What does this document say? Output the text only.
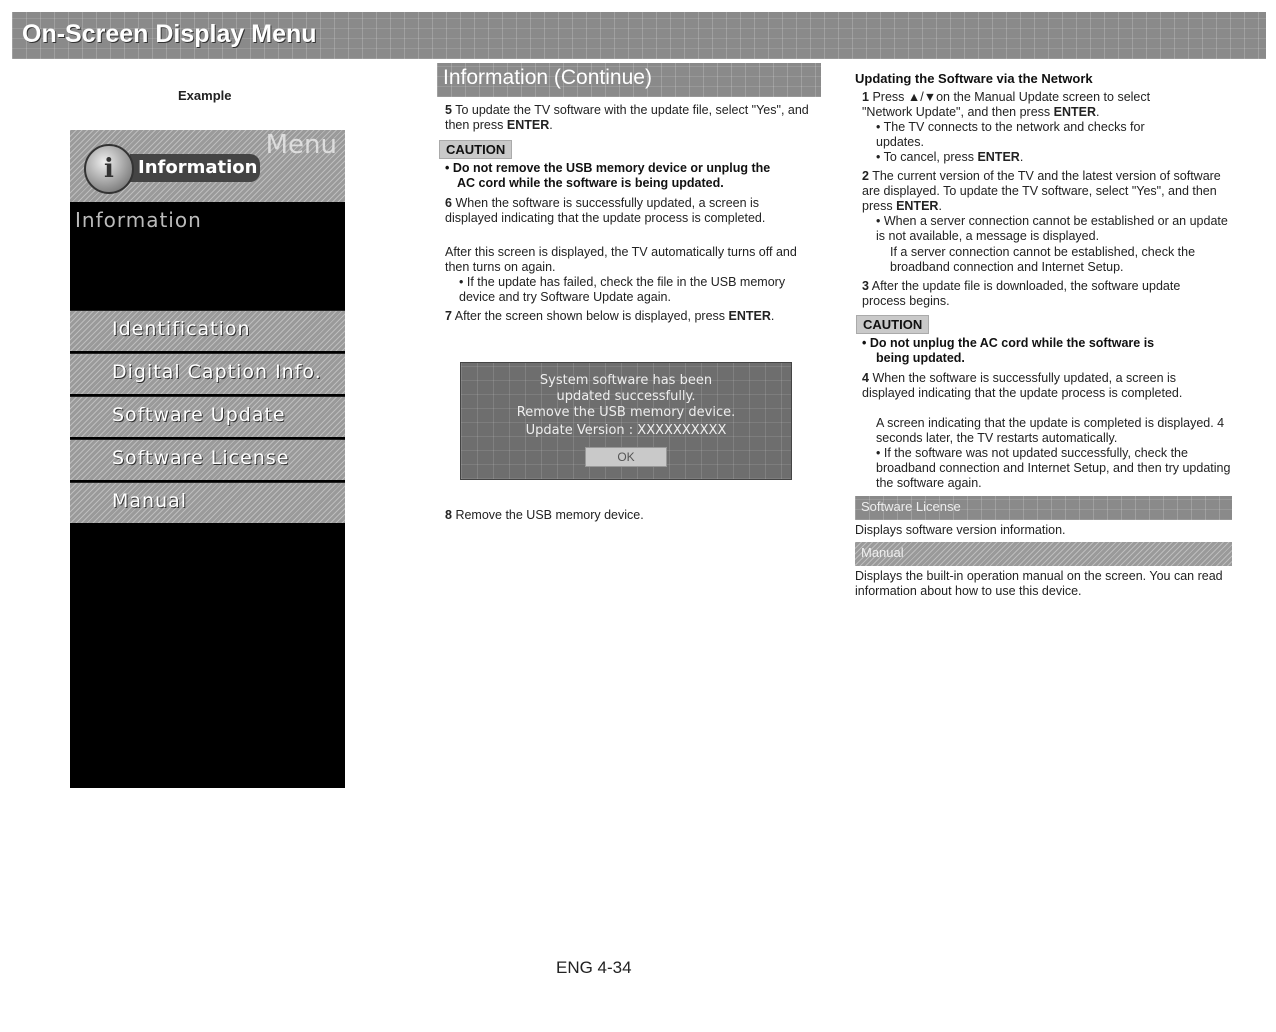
On-Screen Display Menu
Example
Menu
Information
i
Information
Identification
Digital Caption Info.
Software Update
Software License
Manual
Information (Continue)
5 To update the TV software with the update file, select "Yes", and then press ENTER.
CAUTION
• Do not remove the USB memory device or unplug the
AC cord while the software is being updated.
6 When the software is successfully updated, a screen is displayed indicating that the update process is completed.
After this screen is displayed, the TV automatically turns off and then turns on again.
• If the update has failed, check the file in the USB memory device and try Software Update again.
7 After the screen shown below is displayed, press ENTER.
System software has been
updated successfully.
Remove the USB memory device.
Update Version : XXXXXXXXXX
OK
8 Remove the USB memory device.
Updating the Software via the Network
1 Press ▲/▼on the Manual Update screen to select "Network Update", and then press ENTER.
• The TV connects to the network and checks for updates.
• To cancel, press ENTER.
2 The current version of the TV and the latest version of software are displayed. To update the TV software, select "Yes", and then press ENTER.
• When a server connection cannot be established or an update is not available, a message is displayed.
If a server connection cannot be established, check the broadband connection and Internet Setup.
3 After the update file is downloaded, the software update process begins.
CAUTION
• Do not unplug the AC cord while the software is
being updated.
4 When the software is successfully updated, a screen is displayed indicating that the update process is completed.
A screen indicating that the update is completed is displayed. 4 seconds later, the TV restarts automatically.
• If the software was not updated successfully, check the broadband connection and Internet Setup, and then try updating the software again.
Software License
Displays software version information.
Manual
Displays the built-in operation manual on the screen. You can read information about how to use this device.
ENG 4-34
